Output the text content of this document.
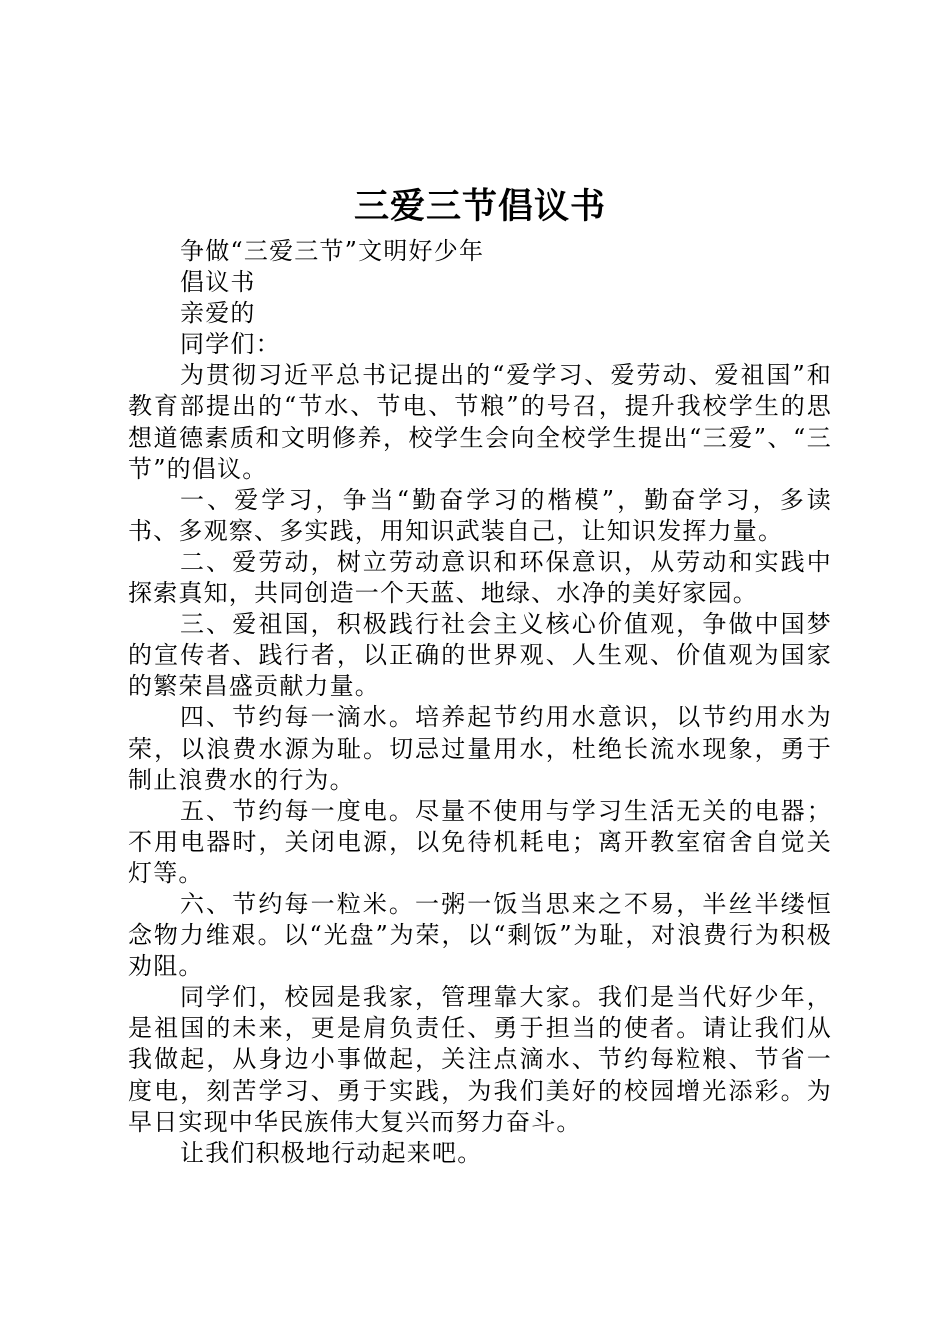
三爱三节倡议书

争做“三爱三节”文明好少年

倡议书

亲爱的

同学们：

为贯彻习近平总书记提出的“爱学习、爱劳动、爱祖国”和教育部提出的“节水、节电、节粮”的号召，提升我校学生的思想道德素质和文明修养，校学生会向全校学生提出“三爱”、“三节”的倡议。

一、爱学习，争当“勤奋学习的楷模”，勤奋学习，多读书、多观察、多实践，用知识武装自己，让知识发挥力量。

二、爱劳动，树立劳动意识和环保意识，从劳动和实践中探索真知，共同创造一个天蓝、地绿、水净的美好家园。

三、爱祖国，积极践行社会主义核心价值观，争做中国梦的宣传者、践行者，以正确的世界观、人生观、价值观为国家的繁荣昌盛贡献力量。

四、节约每一滴水。培养起节约用水意识，以节约用水为荣，以浪费水源为耻。切忌过量用水，杜绝长流水现象，勇于制止浪费水的行为。

五、节约每一度电。尽量不使用与学习生活无关的电器；不用电器时，关闭电源，以免待机耗电；离开教室宿舍自觉关灯等。

六、节约每一粒米。一粥一饭当思来之不易，半丝半缕恒念物力维艰。以“光盘”为荣，以“剩饭”为耻，对浪费行为积极劝阻。

同学们，校园是我家，管理靠大家。我们是当代好少年，是祖国的未来，更是肩负责任、勇于担当的使者。请让我们从我做起，从身边小事做起，关注点滴水、节约每粒粮、节省一度电，刻苦学习、勇于实践，为我们美好的校园增光添彩。为早日实现中华民族伟大复兴而努力奋斗。

让我们积极地行动起来吧。
